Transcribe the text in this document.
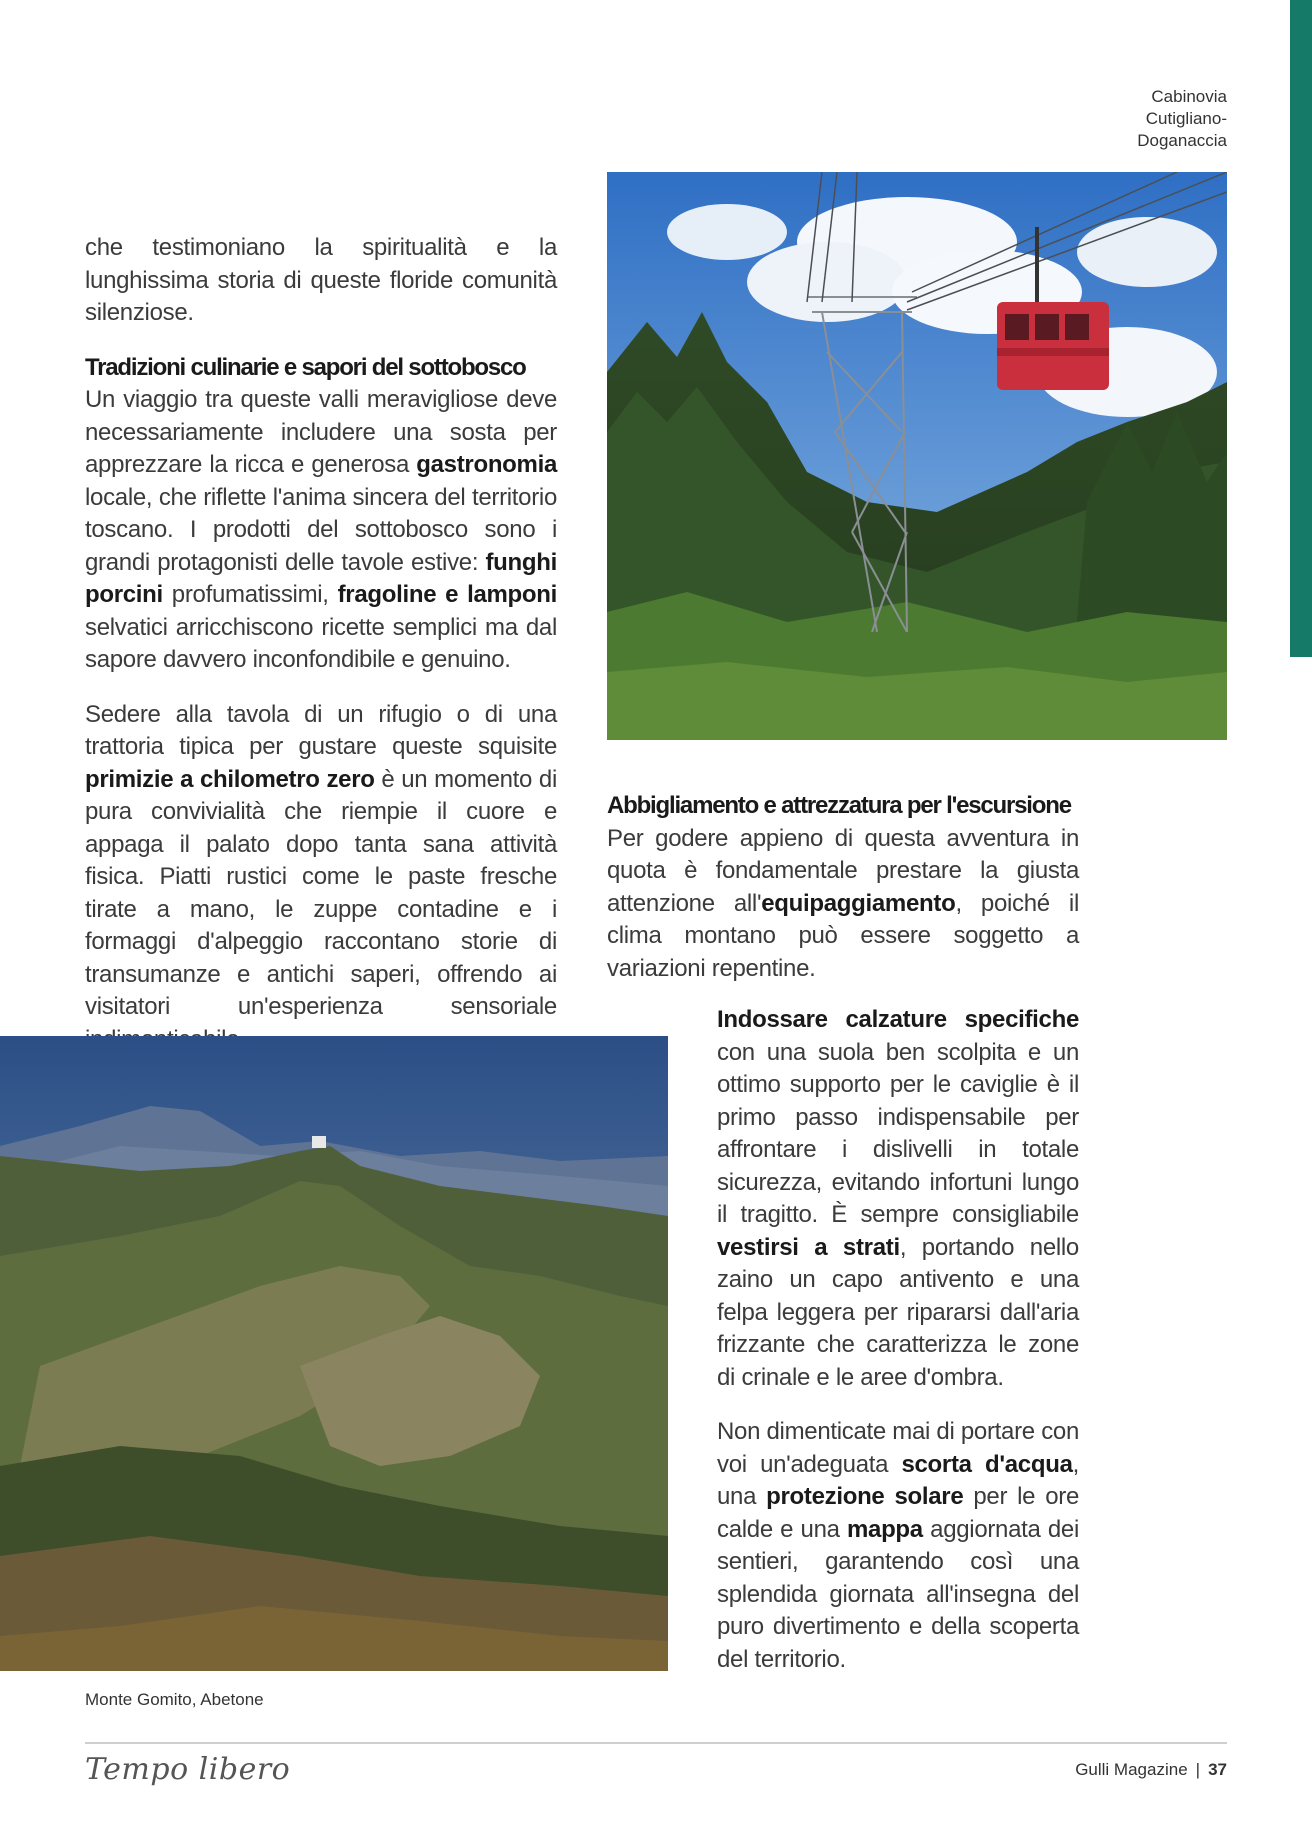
Cabinovia
Cutigliano-
Doganaccia

che testimoniano la spiritualità e la lunghissima storia di queste floride comunità silenziose.

Tradizioni culinarie e sapori del sottobosco
Un viaggio tra queste valli meravigliose deve necessariamente includere una sosta per apprezzare la ricca e generosa gastronomia locale, che riflette l'anima sincera del territorio toscano. I prodotti del sottobosco sono i grandi protagonisti delle tavole estive: funghi porcini profumatissimi, fragoline e lamponi selvatici arricchiscono ricette semplici ma dal sapore davvero inconfondibile e genuino.

Sedere alla tavola di un rifugio o di una trattoria tipica per gustare queste squisite primizie a chilometro zero è un momento di pura convivialità che riempie il cuore e appaga il palato dopo tanta sana attività fisica. Piatti rustici come le paste fresche tirate a mano, le zuppe contadine e i formaggi d'alpeggio raccontano storie di transumanze e antichi saperi, offrendo ai visitatori un'esperienza sensoriale

Abbigliamento e attrezzatura per l'escursione
Per godere appieno di questa avventura in quota è fondamentale prestare la giusta attenzione all'equipaggiamento, poiché il clima montano può essere soggetto a variazioni repentine.

Indossare calzature specifiche con una suola ben scolpita e un ottimo supporto per le caviglie è il primo passo indispensabile per affrontare i dislivelli in totale sicurezza, evitando infortuni lungo il tragitto. È sempre consigliabile vestirsi a strati, portando nello zaino un capo antivento e una felpa leggera per ripararsi dall'aria frizzante che caratterizza le zone di crinale e le aree d'ombra.

Non dimenticate mai di portare con voi un'adeguata scorta d'acqua, una protezione solare per le ore calde e una mappa aggiornata dei sentieri, garantendo così una splendida giornata all'insegna del puro divertimento e della scoperta del territorio.

Monte Gomito, Abetone
Tempo libero	Gulli Magazine | 37
